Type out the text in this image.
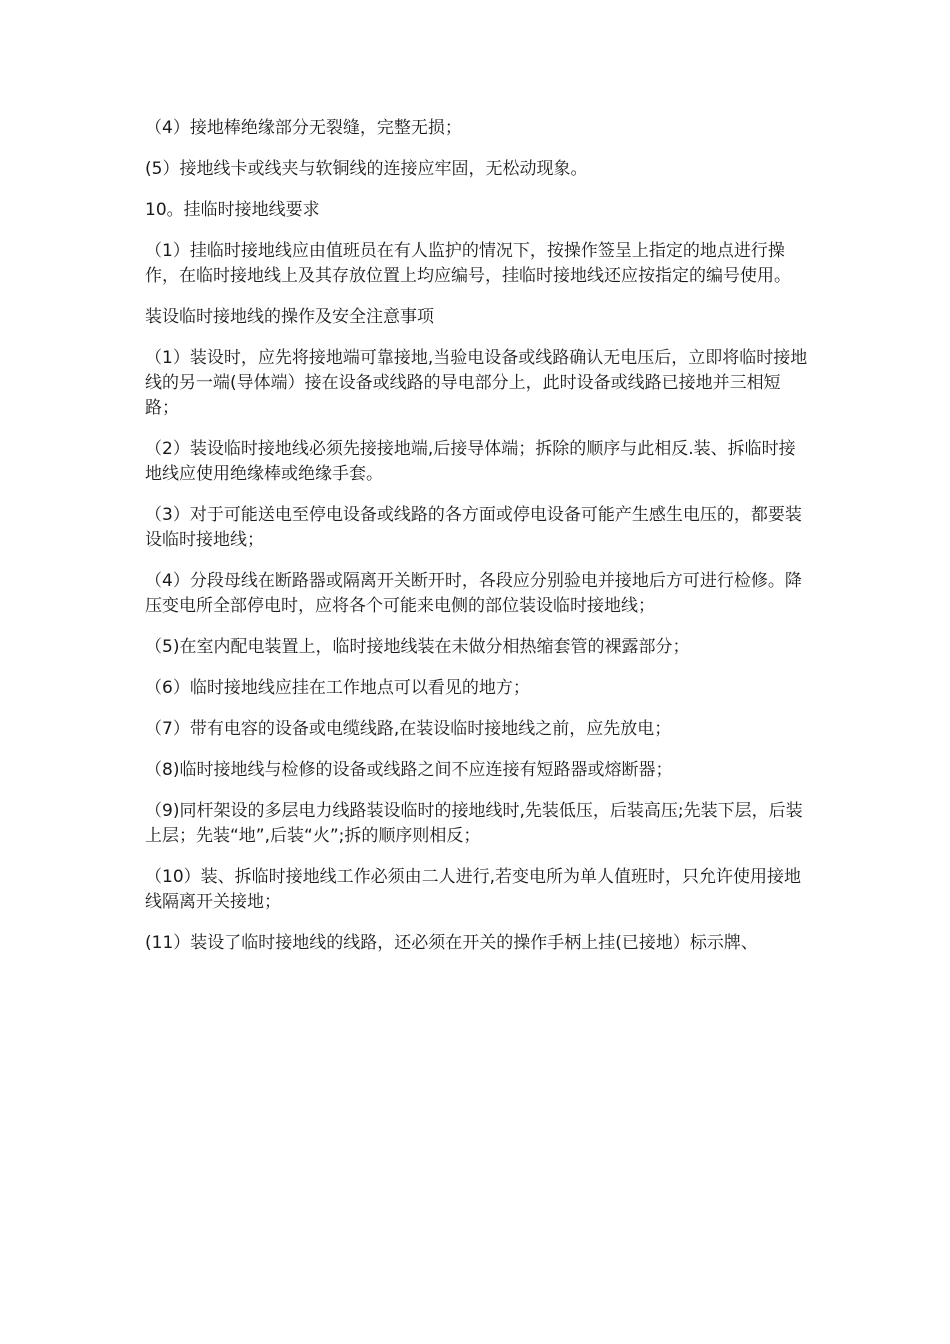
（4）接地棒绝缘部分无裂缝，完整无损；

(5）接地线卡或线夹与软铜线的连接应牢固，无松动现象。

10。挂临时接地线要求

（1）挂临时接地线应由值班员在有人监护的情况下，按操作签呈上指定的地点进行操作，在临时接地线上及其存放位置上均应编号，挂临时接地线还应按指定的编号使用。

装设临时接地线的操作及安全注意事项

（1）装设时，应先将接地端可靠接地,当验电设备或线路确认无电压后，立即将临时接地线的另一端(导体端）接在设备或线路的导电部分上，此时设备或线路已接地并三相短路；

（2）装设临时接地线必须先接接地端,后接导体端；拆除的顺序与此相反.装、拆临时接地线应使用绝缘棒或绝缘手套。

（3）对于可能送电至停电设备或线路的各方面或停电设备可能产生感生电压的，都要装设临时接地线；

（4）分段母线在断路器或隔离开关断开时，各段应分别验电并接地后方可进行检修。降压变电所全部停电时，应将各个可能来电侧的部位装设临时接地线；

（5)在室内配电装置上，临时接地线装在未做分相热缩套管的裸露部分；

（6）临时接地线应挂在工作地点可以看见的地方；

（7）带有电容的设备或电缆线路,在装设临时接地线之前，应先放电；

（8)临时接地线与检修的设备或线路之间不应连接有短路器或熔断器；

（9)同杆架设的多层电力线路装设临时的接地线时,先装低压，后装高压;先装下层，后装上层；先装“地”,后装“火”;拆的顺序则相反；

（10）装、拆临时接地线工作必须由二人进行,若变电所为单人值班时，只允许使用接地线隔离开关接地；

(11）装设了临时接地线的线路，还必须在开关的操作手柄上挂(已接地）标示牌、
